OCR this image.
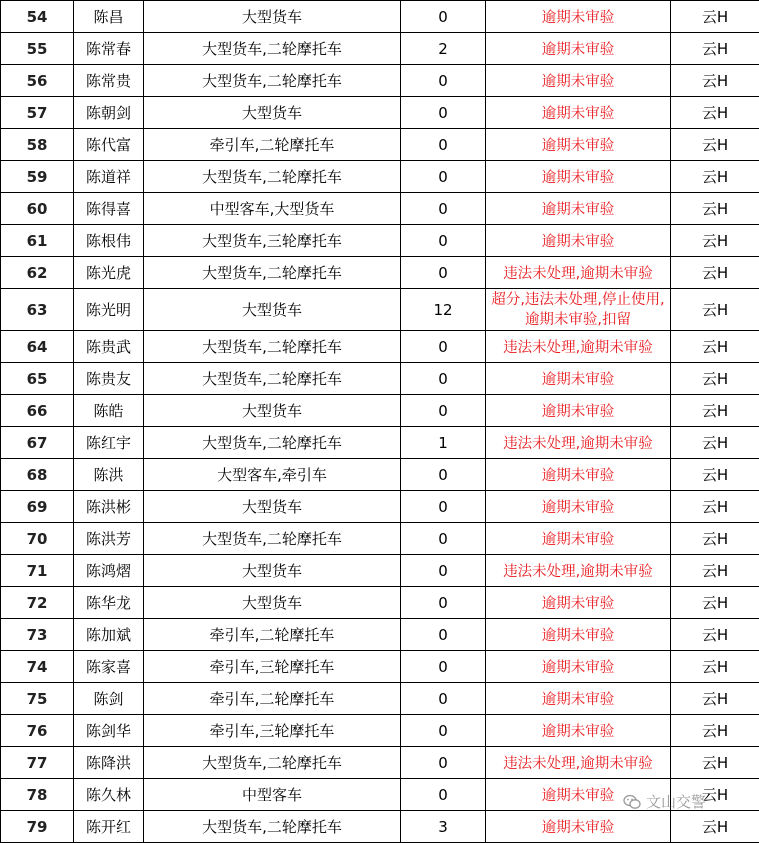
54	陈昌	大型货车	0	逾期未审验	云H
55	陈常春	大型货车,二轮摩托车	2	逾期未审验	云H
56	陈常贵	大型货车,二轮摩托车	0	逾期未审验	云H
57	陈朝剑	大型货车	0	逾期未审验	云H
58	陈代富	牵引车,二轮摩托车	0	逾期未审验	云H
59	陈道祥	大型货车,二轮摩托车	0	逾期未审验	云H
60	陈得喜	中型客车,大型货车	0	逾期未审验	云H
61	陈根伟	大型货车,三轮摩托车	0	逾期未审验	云H
62	陈光虎	大型货车,二轮摩托车	0	违法未处理,逾期未审验	云H
63	陈光明	大型货车	12	超分,违法未处理,停止使用,逾期未审验,扣留	云H
64	陈贵武	大型货车,二轮摩托车	0	违法未处理,逾期未审验	云H
65	陈贵友	大型货车,二轮摩托车	0	逾期未审验	云H
66	陈皓	大型货车	0	逾期未审验	云H
67	陈红宇	大型货车,二轮摩托车	1	违法未处理,逾期未审验	云H
68	陈洪	大型客车,牵引车	0	逾期未审验	云H
69	陈洪彬	大型货车	0	逾期未审验	云H
70	陈洪芳	大型货车,二轮摩托车	0	逾期未审验	云H
71	陈鸿熠	大型货车	0	违法未处理,逾期未审验	云H
72	陈华龙	大型货车	0	逾期未审验	云H
73	陈加斌	牵引车,二轮摩托车	0	逾期未审验	云H
74	陈家喜	牵引车,三轮摩托车	0	逾期未审验	云H
75	陈剑	牵引车,二轮摩托车	0	逾期未审验	云H
76	陈剑华	牵引车,三轮摩托车	0	逾期未审验	云H
77	陈降洪	大型货车,二轮摩托车	0	违法未处理,逾期未审验	云H
78	陈久林	中型客车	0	逾期未审验	云H
79	陈开红	大型货车,二轮摩托车	3	逾期未审验	云H
文山交警
